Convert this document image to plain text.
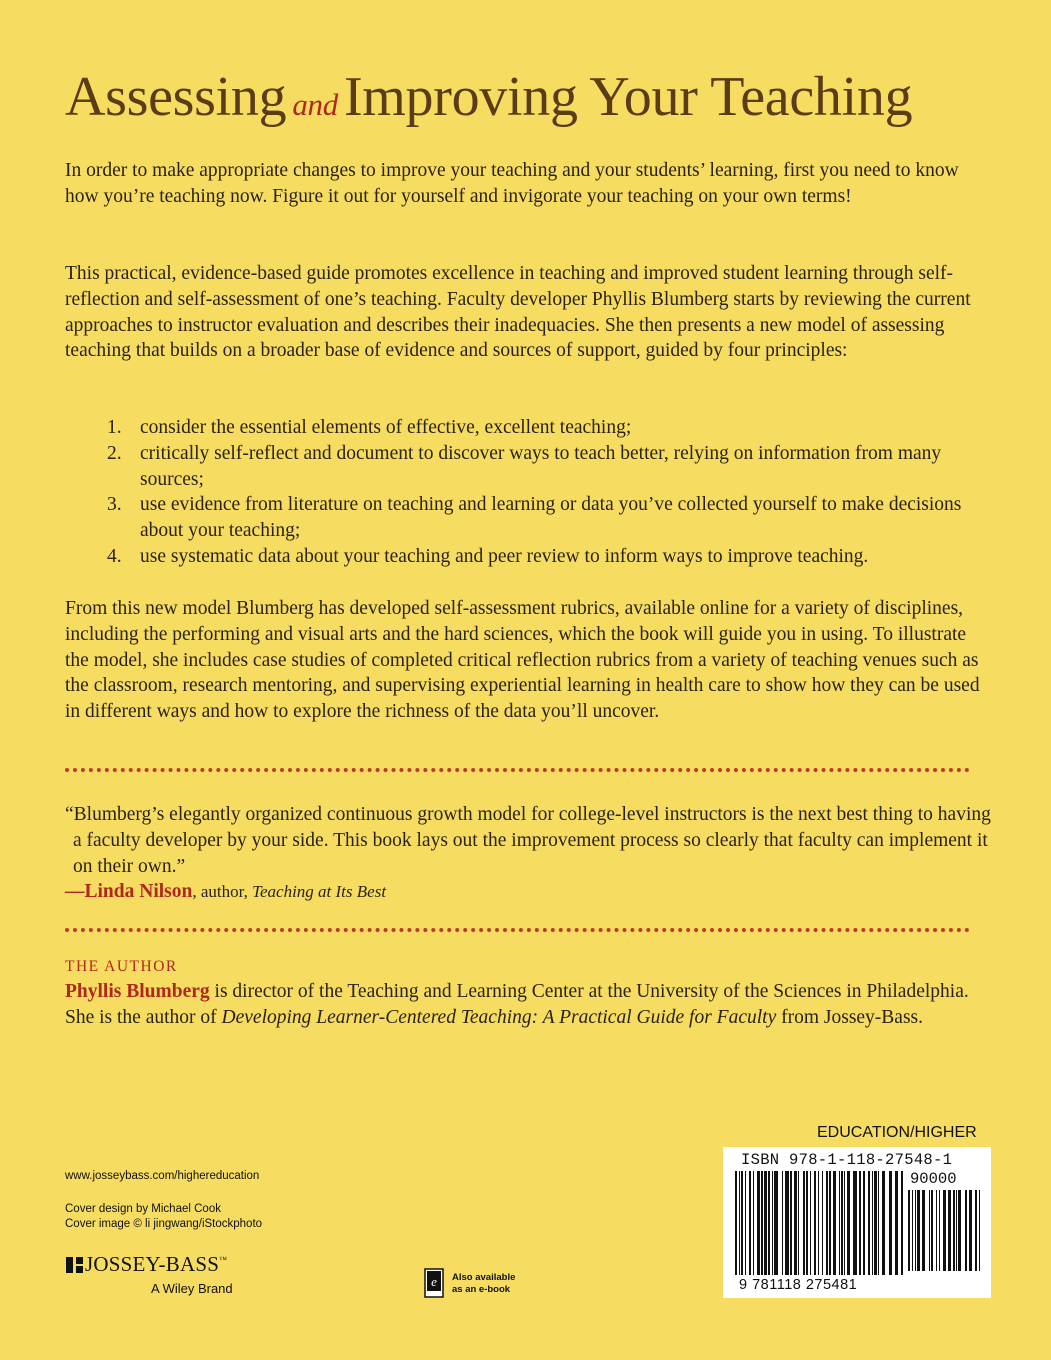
Assessing and Improving Your Teaching
In order to make appropriate changes to improve your teaching and your students’ learning, first you need to know how you’re teaching now. Figure it out for yourself and invigorate your teaching on your own terms!
This practical, evidence-based guide promotes excellence in teaching and improved student learning through self-reflection and self-assessment of one’s teaching. Faculty developer Phyllis Blumberg starts by reviewing the current approaches to instructor evaluation and describes their inadequacies. She then presents a new model of assessing teaching that builds on a broader base of evidence and sources of support, guided by four principles:
1. consider the essential elements of effective, excellent teaching;
2. critically self-reflect and document to discover ways to teach better, relying on information from many sources;
3. use evidence from literature on teaching and learning or data you’ve collected yourself to make decisions about your teaching;
4. use systematic data about your teaching and peer review to inform ways to improve teaching.
From this new model Blumberg has developed self-assessment rubrics, available online for a variety of disciplines, including the performing and visual arts and the hard sciences, which the book will guide you in using. To illustrate the model, she includes case studies of completed critical reflection rubrics from a variety of teaching venues such as the classroom, research mentoring, and supervising experiential learning in health care to show how they can be used in different ways and how to explore the richness of the data you’ll uncover.
“Blumberg’s elegantly organized continuous growth model for college-level instructors is the next best thing to having a faculty developer by your side. This book lays out the improvement process so clearly that faculty can implement it on their own.”
—Linda Nilson, author, Teaching at Its Best
THE AUTHOR
Phyllis Blumberg is director of the Teaching and Learning Center at the University of the Sciences in Philadelphia. She is the author of Developing Learner-Centered Teaching: A Practical Guide for Faculty from Jossey-Bass.
EDUCATION/HIGHER
ISBN 978-1-118-27548-1
90000
9 781118 275481
www.josseybass.com/highereducation
Cover design by Michael Cook
Cover image © li jingwang/iStockphoto
JOSSEY-BASS™
A Wiley Brand	e Also available
as an e-book
